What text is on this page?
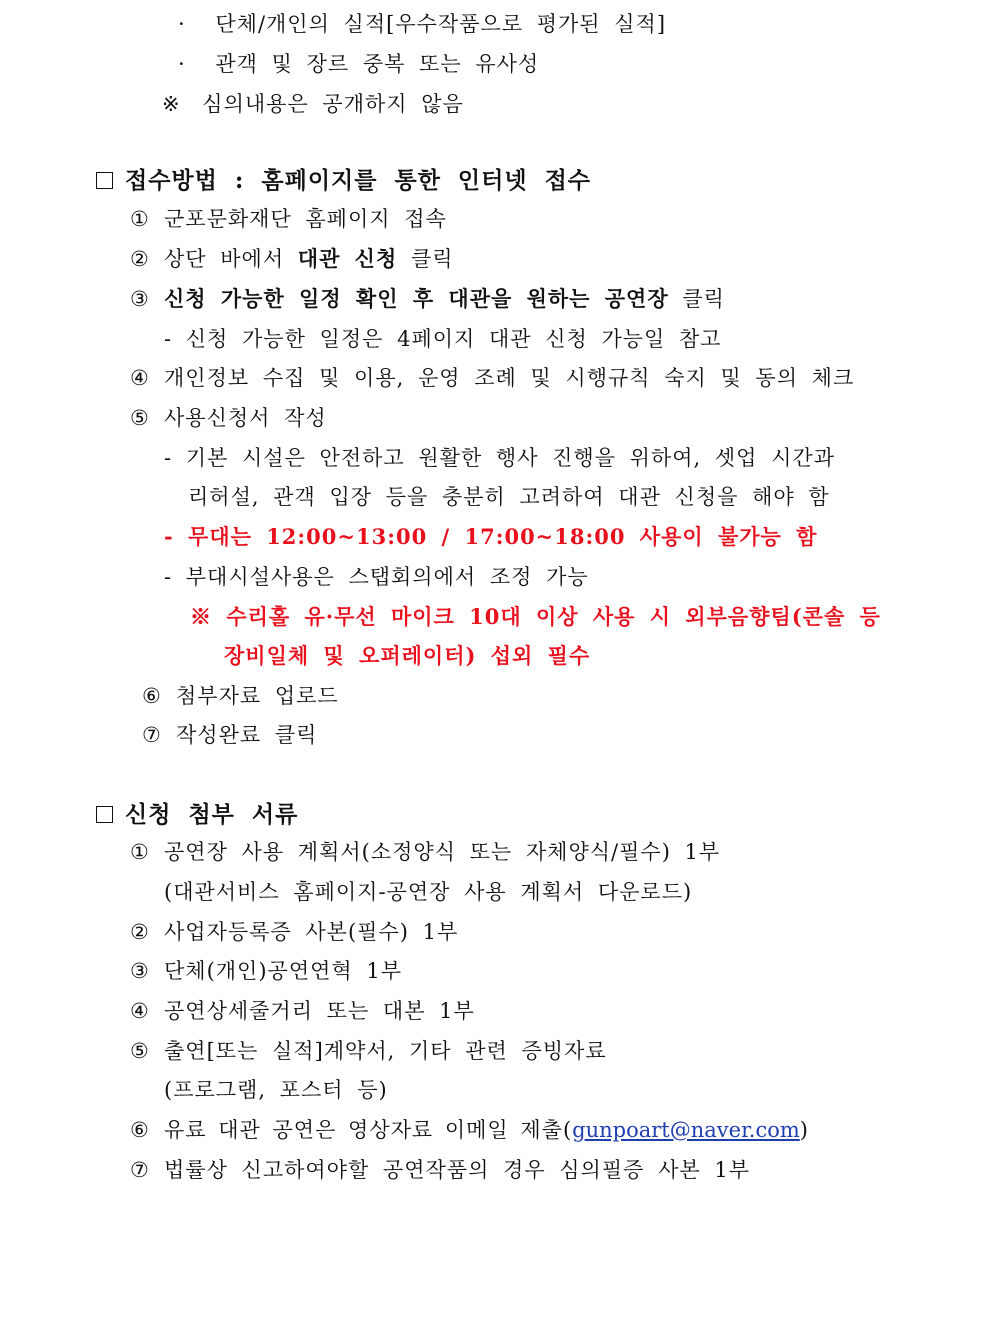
· 단체/개인의 실적[우수작품으로 평가된 실적]
· 관객 및 장르 중복 또는 유사성
※ 심의내용은 공개하지 않음
접수방법 : 홈페이지를 통한 인터넷 접수
① 군포문화재단 홈페이지 접속
② 상단 바에서 대관 신청 클릭
③ 신청 가능한 일정 확인 후 대관을 원하는 공연장 클릭
- 신청 가능한 일정은 4페이지 대관 신청 가능일 참고
④ 개인정보 수집 및 이용, 운영 조례 및 시행규칙 숙지 및 동의 체크
⑤ 사용신청서 작성
- 기본 시설은 안전하고 원활한 행사 진행을 위하여, 셋업 시간과
리허설, 관객 입장 등을 충분히 고려하여 대관 신청을 해야 함
- 무대는 12:00~13:00 / 17:00~18:00 사용이 불가능 함
- 부대시설사용은 스탭회의에서 조정 가능
※ 수리홀 유·무선 마이크 10대 이상 사용 시 외부음향팀(콘솔 등
장비일체 및 오퍼레이터) 섭외 필수
⑥ 첨부자료 업로드
⑦ 작성완료 클릭
신청 첨부 서류
① 공연장 사용 계획서(소정양식 또는 자체양식/필수) 1부
(대관서비스 홈페이지-공연장 사용 계획서 다운로드)
② 사업자등록증 사본(필수) 1부
③ 단체(개인)공연연혁 1부
④ 공연상세줄거리 또는 대본 1부
⑤ 출연[또는 실적]계약서, 기타 관련 증빙자료
(프로그램, 포스터 등)
⑥ 유료 대관 공연은 영상자료 이메일 제출(gunpoart@naver.com)
⑦ 법률상 신고하여야할 공연작품의 경우 심의필증 사본 1부
